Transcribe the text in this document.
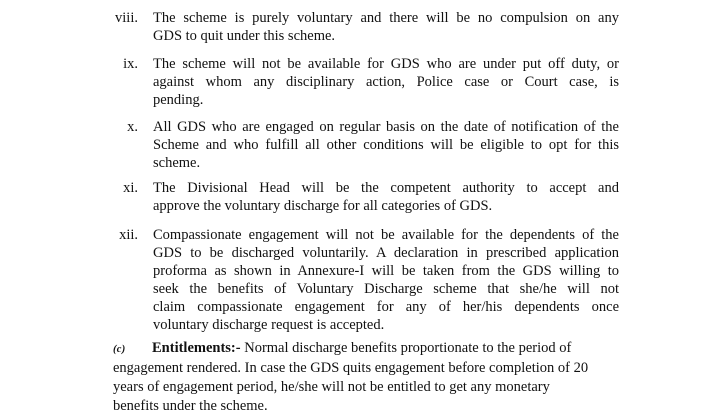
viii. The scheme is purely voluntary and there will be no compulsion on any
GDS to quit under this scheme.
ix. The scheme will not be available for GDS who are under put off duty, or
against whom any disciplinary action, Police case or Court case, is
pending.
x. All GDS who are engaged on regular basis on the date of notification of the
Scheme and who fulfill all other conditions will be eligible to opt for this
scheme.
xi. The Divisional Head will be the competent authority to accept and
approve the voluntary discharge for all categories of GDS.
xii. Compassionate engagement will not be available for the dependents of the
GDS to be discharged voluntarily. A declaration in prescribed application
proforma as shown in Annexure-I will be taken from the GDS willing to
seek the benefits of Voluntary Discharge scheme that she/he will not
claim compassionate engagement for any of her/his dependents once
voluntary discharge request is accepted.
(c) Entitlements:- Normal discharge benefits proportionate to the period of
engagement rendered. In case the GDS quits engagement before completion of 20
years of engagement period, he/she will not be entitled to get any monetary
benefits under the scheme.
